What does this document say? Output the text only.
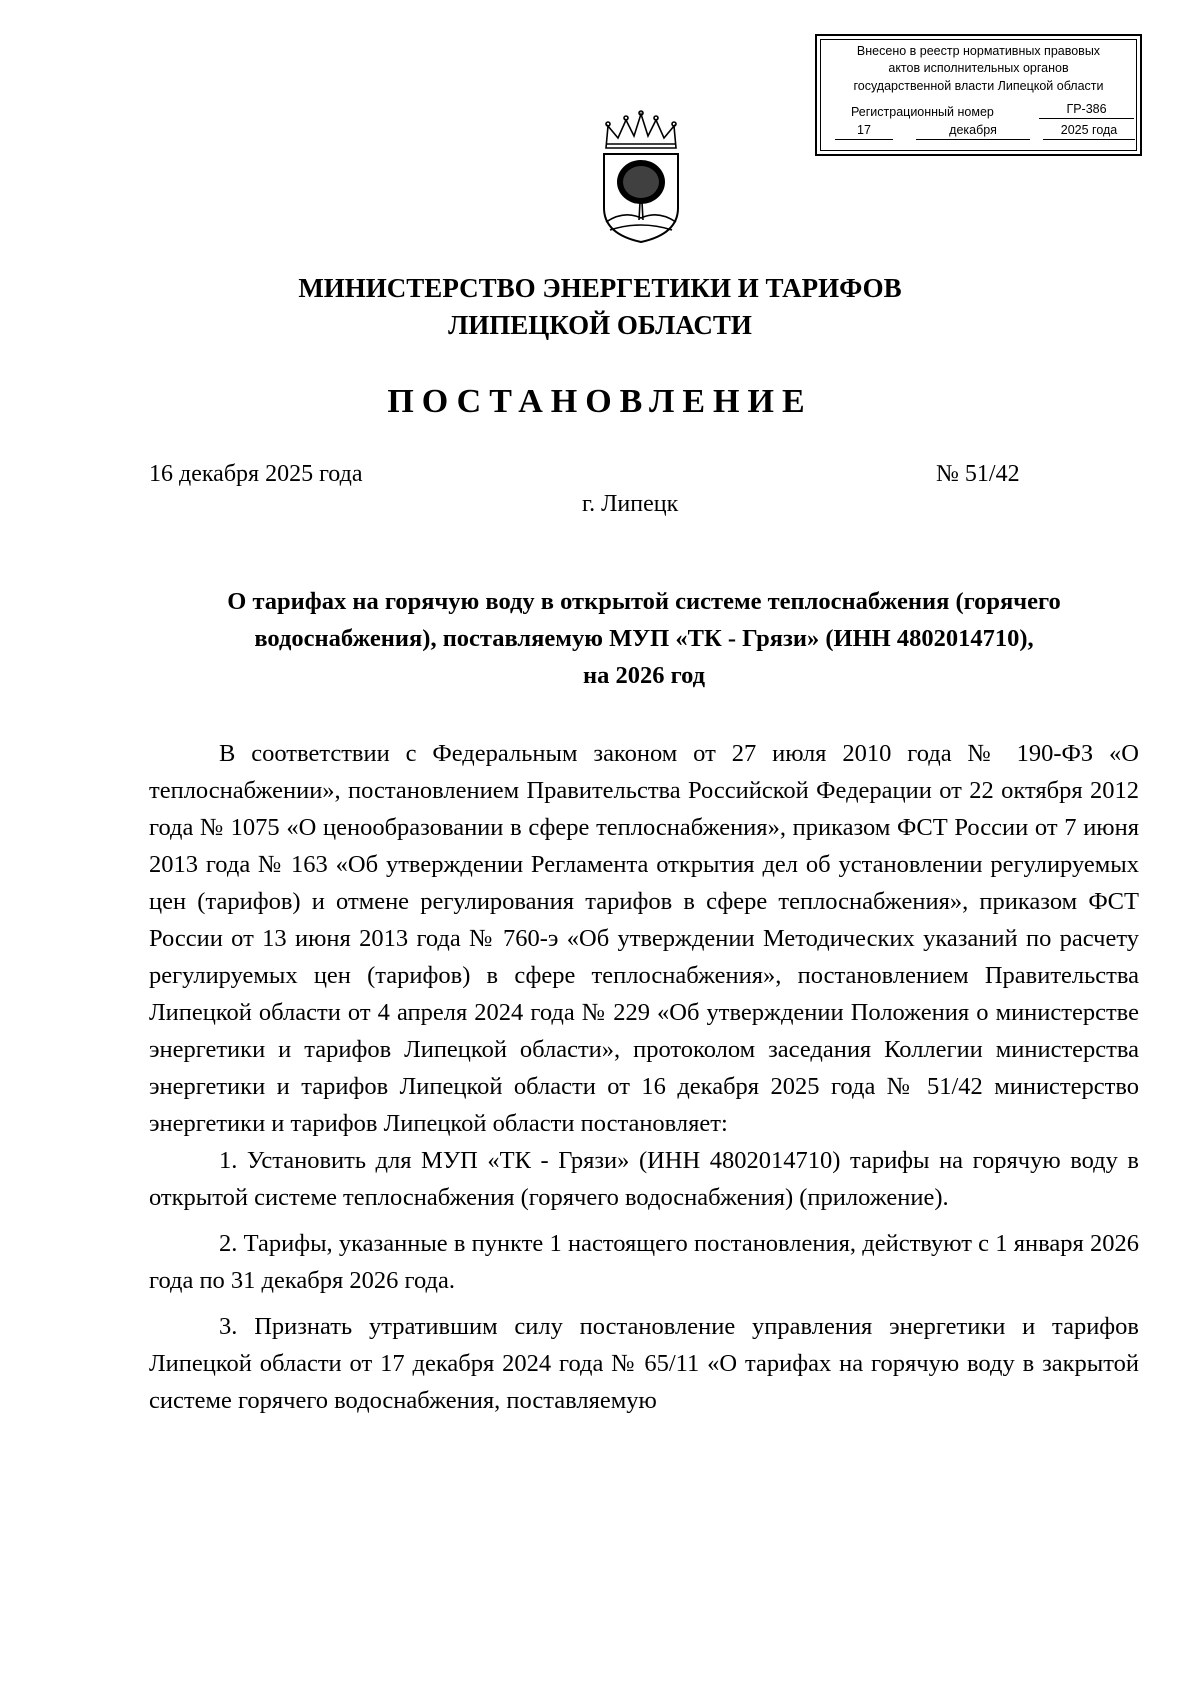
Внесено в реестр нормативных правовых
актов исполнительных органов
государственной власти Липецкой области
Регистрационный номер	ГР-386
17	декабря	2025 года
МИНИСТЕРСТВО ЭНЕРГЕТИКИ И ТАРИФОВ
ЛИПЕЦКОЙ ОБЛАСТИ
ПОСТАНОВЛЕНИЕ
16 декабря 2025 года	№ 51/42
г. Липецк
О тарифах на горячую воду в открытой системе теплоснабжения (горячего
водоснабжения), поставляемую МУП «ТК - Грязи» (ИНН 4802014710),
на 2026 год

В соответствии с Федеральным законом от 27 июля 2010 года № 190-ФЗ «О теплоснабжении», постановлением Правительства Российской Федерации от 22 октября 2012 года № 1075 «О ценообразовании в сфере теплоснабжения», приказом ФСТ России от 7 июня 2013 года № 163 «Об утверждении Регламента открытия дел об установлении регулируемых цен (тарифов) и отмене регулирования тарифов в сфере теплоснабжения», приказом ФСТ России от 13 июня 2013 года № 760-э «Об утверждении Методических указаний по расчету регулируемых цен (тарифов) в сфере теплоснабжения», постановлением Правительства Липецкой области от 4 апреля 2024 года № 229 «Об утверждении Положения о министерстве энергетики и тарифов Липецкой области», протоколом заседания Коллегии министерства энергетики и тарифов Липецкой области от 16 декабря 2025 года № 51/42 министерство энергетики и тарифов Липецкой области постановляет:

1. Установить для МУП «ТК - Грязи» (ИНН 4802014710) тарифы на горячую воду в открытой системе теплоснабжения (горячего водоснабжения) (приложение).

2. Тарифы, указанные в пункте 1 настоящего постановления, действуют с 1 января 2026 года по 31 декабря 2026 года.

3. Признать утратившим силу постановление управления энергетики и тарифов Липецкой области от 17 декабря 2024 года № 65/11 «О тарифах на горячую воду в закрытой системе горячего водоснабжения, поставляемую
